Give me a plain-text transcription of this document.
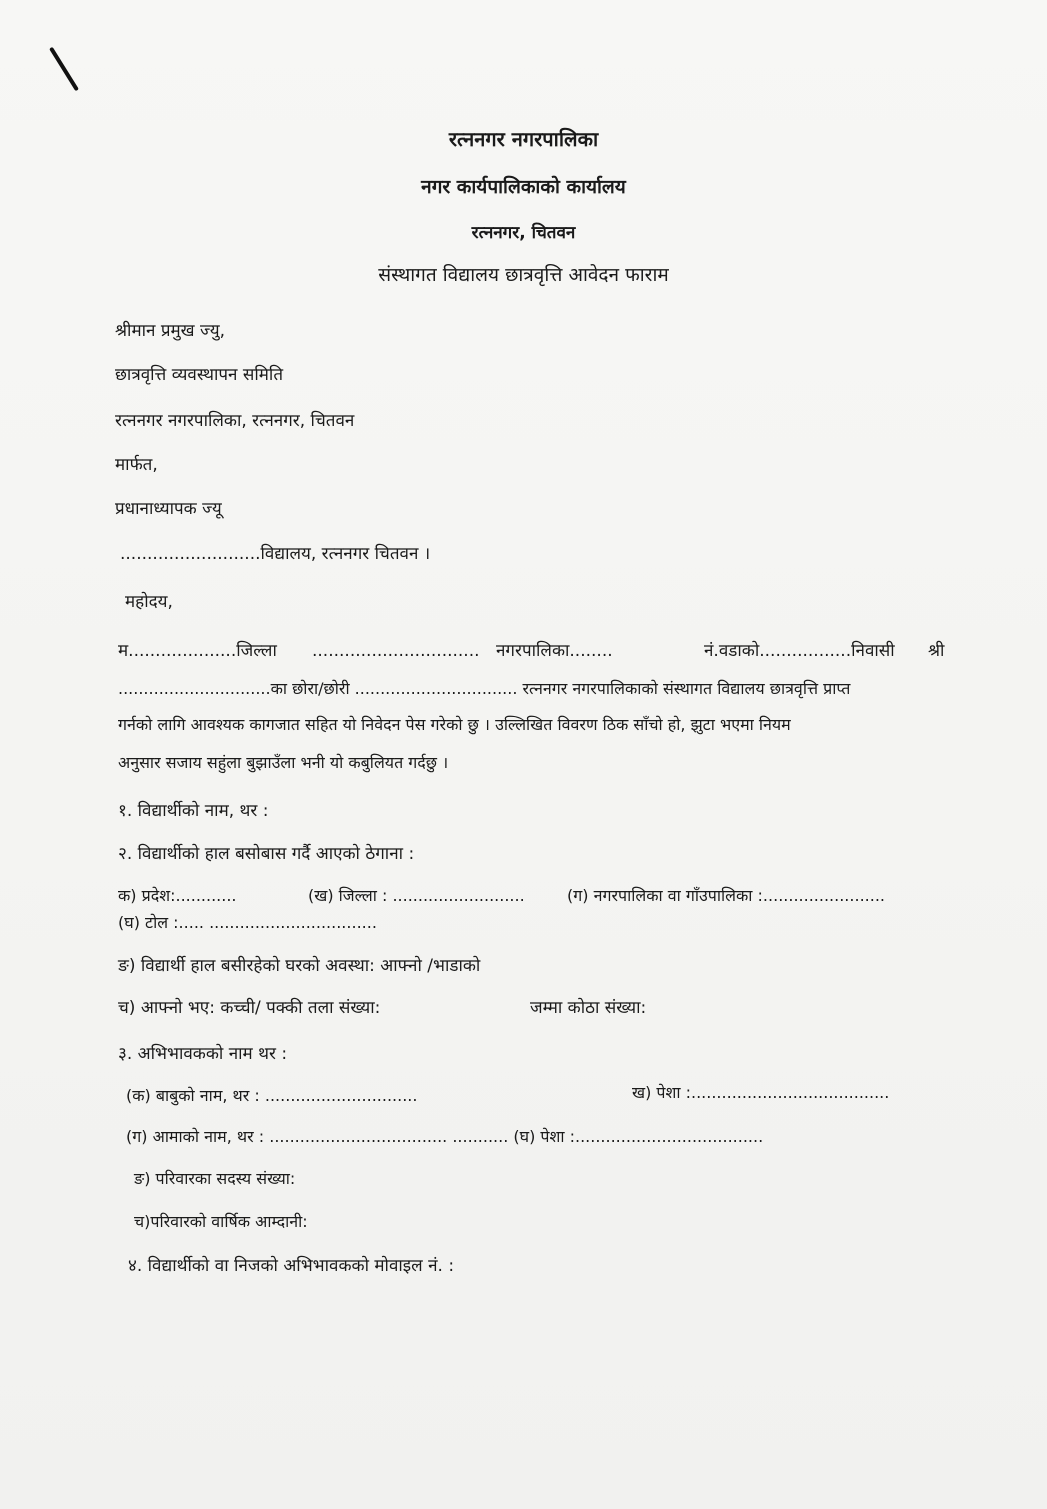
रत्ननगर नगरपालिका
नगर कार्यपालिकाको कार्यालय
रत्ननगर, चितवन
संस्थागत विद्यालय छात्रवृत्ति आवेदन फाराम
श्रीमान प्रमुख ज्यु,
छात्रवृत्ति व्यवस्थापन समिति
रत्ननगर नगरपालिका, रत्ननगर, चितवन
मार्फत,
प्रधानाध्यापक ज्यू
..........................विद्यालय, रत्ननगर चितवन ।
महोदय,
म....................जिल्ला ............................... नगरपालिका........	नं.वडाको.................निवासी श्री
..............................का छोरा/छोरी ................................ रत्ननगर नगरपालिकाको संस्थागत विद्यालय छात्रवृत्ति प्राप्त
गर्नको लागि आवश्यक कागजात सहित यो निवेदन पेस गरेको छु । उल्लिखित विवरण ठिक साँचो हो, झुटा भएमा नियम
अनुसार सजाय सहुंला बुझाउँला भनी यो कबुलियत गर्दछु ।
१. विद्यार्थीको नाम, थर :
२. विद्यार्थीको हाल बसोबास गर्दै आएको ठेगाना :
क) प्रदेश:............	(ख) जिल्ला : ..........................	(ग) नगरपालिका वा गाँउपालिका :........................
(घ) टोल :..... .................................
ङ) विद्यार्थी हाल बसीरहेको घरको अवस्था: आफ्नो /भाडाको
च) आफ्नो भए: कच्ची/ पक्की तला संख्या:	जम्मा कोठा संख्या:
३. अभिभावकको नाम थर :
(क) बाबुको नाम, थर : ..............................	ख) पेशा :.......................................
(ग) आमाको नाम, थर : ................................... ........... (घ) पेशा :.....................................
ङ) परिवारका सदस्य संख्या:
च)परिवारको वार्षिक आम्दानी:
४. विद्यार्थीको वा निजको अभिभावकको मोवाइल नं. :
